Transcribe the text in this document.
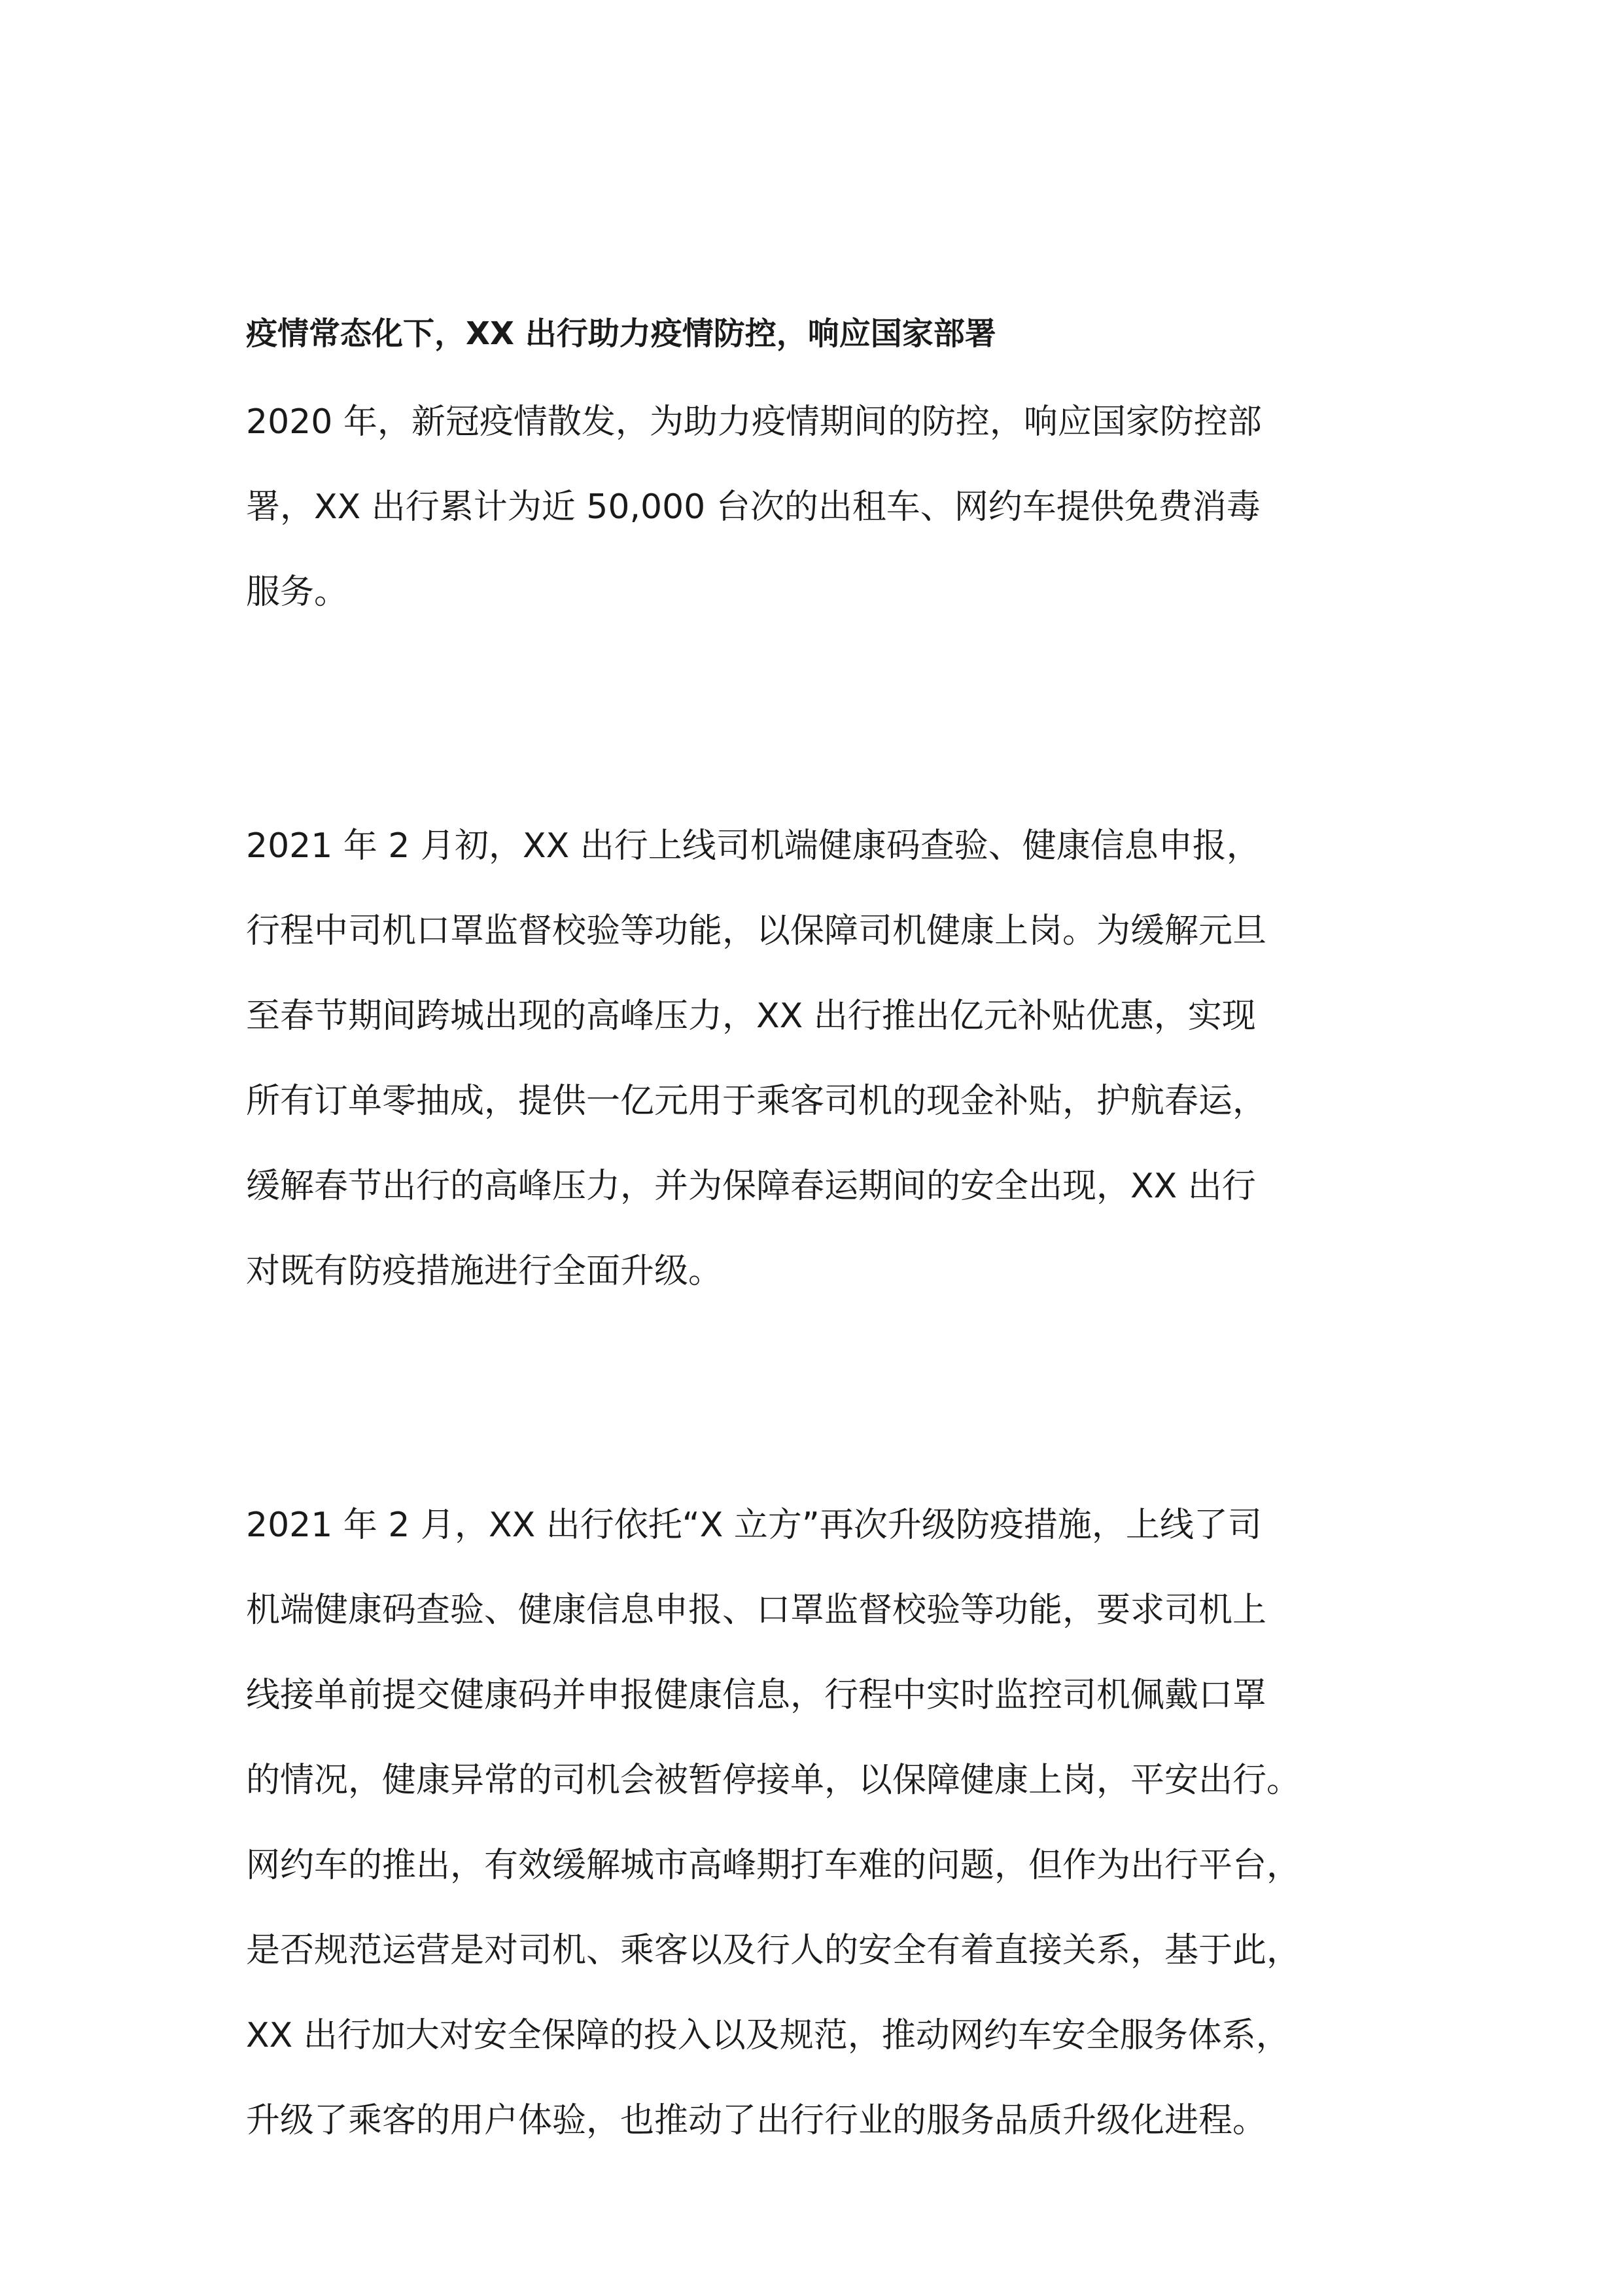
疫情常态化下，XX 出行助力疫情防控，响应国家部署
2020 年，新冠疫情散发，为助力疫情期间的防控，响应国家防控部
署，XX 出行累计为近 50,000 台次的出租车、网约车提供免费消毒
服务。
2021 年 2 月初，XX 出行上线司机端健康码查验、健康信息申报，
行程中司机口罩监督校验等功能，以保障司机健康上岗。为缓解元旦
至春节期间跨城出现的高峰压力，XX 出行推出亿元补贴优惠，实现
所有订单零抽成，提供一亿元用于乘客司机的现金补贴，护航春运，
缓解春节出行的高峰压力，并为保障春运期间的安全出现，XX 出行
对既有防疫措施进行全面升级。
2021 年 2 月，XX 出行依托“X 立方”再次升级防疫措施，上线了司
机端健康码查验、健康信息申报、口罩监督校验等功能，要求司机上
线接单前提交健康码并申报健康信息，行程中实时监控司机佩戴口罩
的情况，健康异常的司机会被暂停接单，以保障健康上岗，平安出行。
网约车的推出，有效缓解城市高峰期打车难的问题，但作为出行平台，
是否规范运营是对司机、乘客以及行人的安全有着直接关系，基于此，
XX 出行加大对安全保障的投入以及规范，推动网约车安全服务体系，
升级了乘客的用户体验，也推动了出行行业的服务品质升级化进程。
